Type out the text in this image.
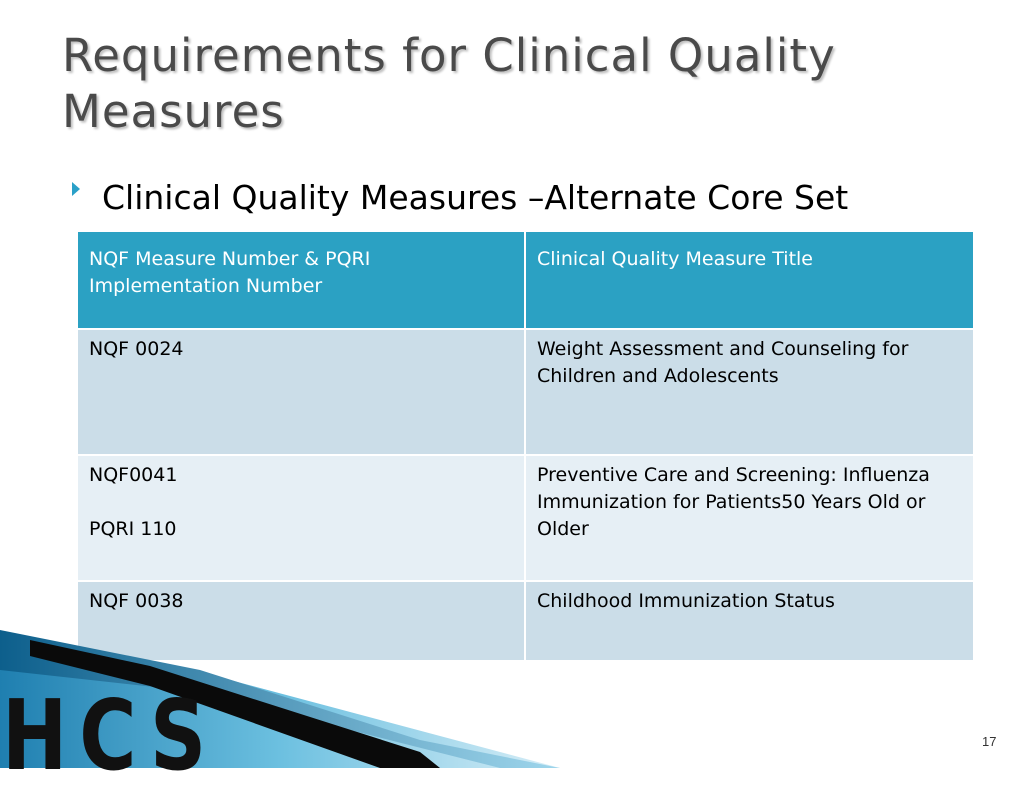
Requirements for Clinical Quality Measures
Clinical Quality Measures –Alternate Core Set
NQF Measure Number & PQRI Implementation Number	Clinical Quality Measure Title

NQF 0024	Weight Assessment and Counseling for Children and Adolescents

NQF0041
PQRI 110	Preventive Care and Screening: Influenza Immunization for Patients50 Years Old or Older

NQF 0038	Childhood Immunization Status
HCS	17
